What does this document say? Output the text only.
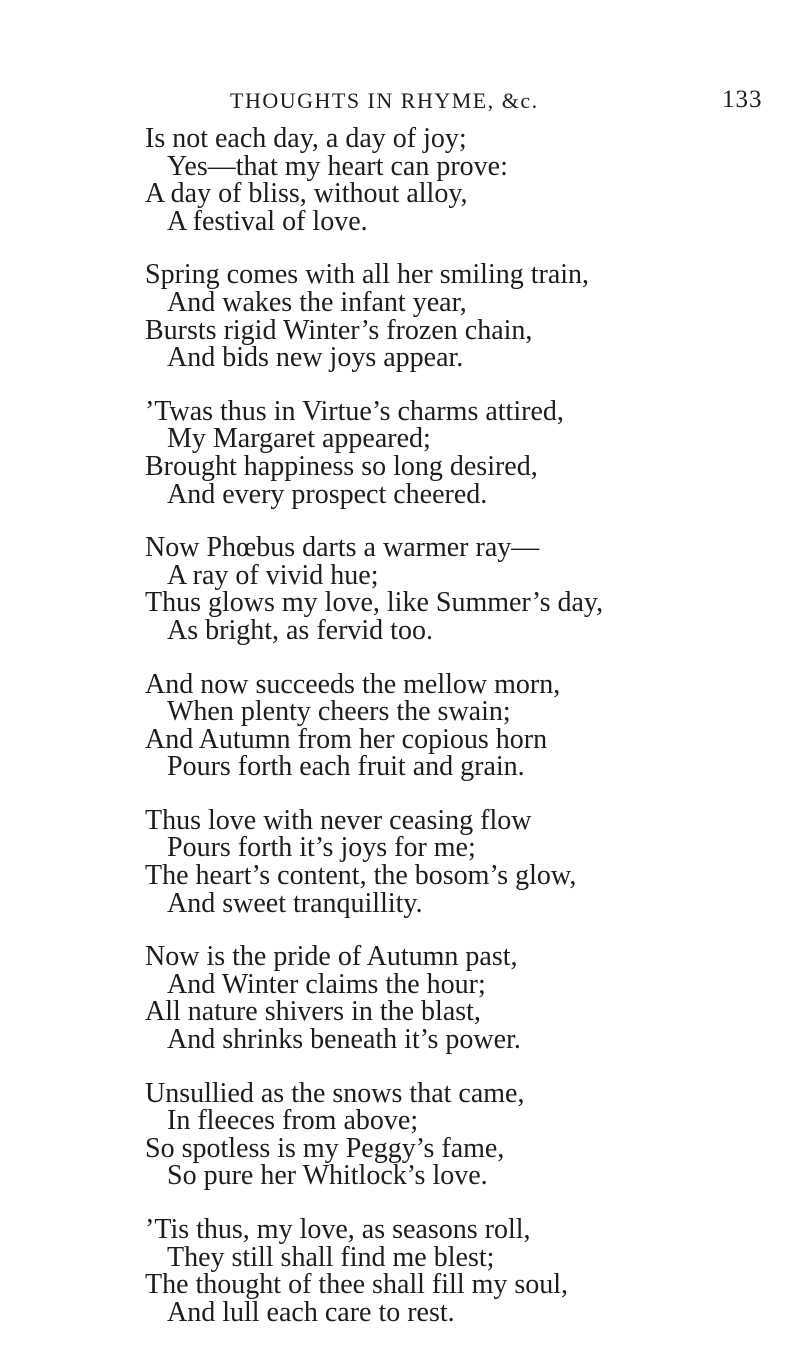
THOUGHTS IN RHYME, &c.	133
Is not each day, a day of joy;
Yes—that my heart can prove:
A day of bliss, without alloy,
A festival of love.
Spring comes with all her smiling train,
And wakes the infant year,
Bursts rigid Winter’s frozen chain,
And bids new joys appear.
’Twas thus in Virtue’s charms attired,
My Margaret appeared;
Brought happiness so long desired,
And every prospect cheered.
Now Phœbus darts a warmer ray—
A ray of vivid hue;
Thus glows my love, like Summer’s day,
As bright, as fervid too.
And now succeeds the mellow morn,
When plenty cheers the swain;
And Autumn from her copious horn
Pours forth each fruit and grain.
Thus love with never ceasing flow
Pours forth it’s joys for me;
The heart’s content, the bosom’s glow,
And sweet tranquillity.
Now is the pride of Autumn past,
And Winter claims the hour;
All nature shivers in the blast,
And shrinks beneath it’s power.
Unsullied as the snows that came,
In fleeces from above;
So spotless is my Peggy’s fame,
So pure her Whitlock’s love.
’Tis thus, my love, as seasons roll,
They still shall find me blest;
The thought of thee shall fill my soul,
And lull each care to rest.
